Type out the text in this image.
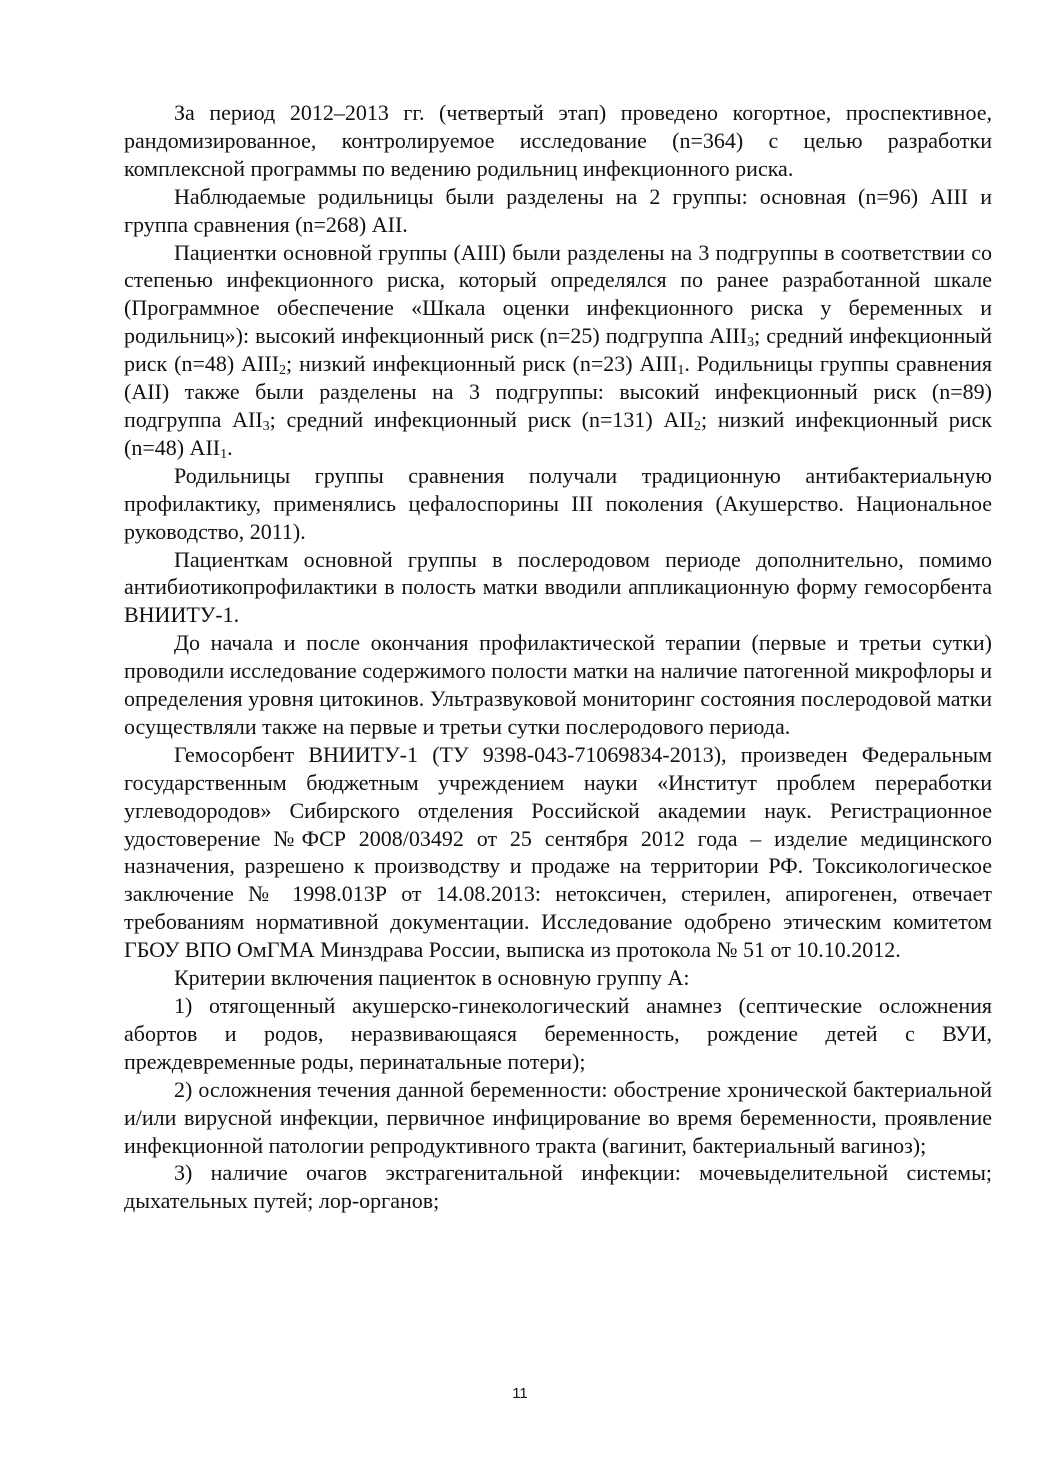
За период 2012–2013 гг. (четвертый этап) проведено когортное, проспективное, рандомизированное, контролируемое исследование (n=364) с целью разработки комплексной программы по ведению родильниц инфекционного риска.

Наблюдаемые родильницы были разделены на 2 группы: основная (n=96) АIII и группа сравнения (n=268) АII.

Пациентки основной группы (АIII) были разделены на 3 подгруппы в соответствии со степенью инфекционного риска, который определялся по ранее разработанной шкале (Программное обеспечение «Шкала оценки инфекционного риска у беременных и родильниц»): высокий инфекционный риск (n=25) подгруппа $АIII_3$; средний инфекционный риск (n=48) $АIII_2$; низкий инфекционный риск (n=23) $АIII_1$. Родильницы группы сравнения (АII) также были разделены на 3 подгруппы: высокий инфекционный риск (n=89) подгруппа $АII_3$; средний инфекционный риск (n=131) $АII_2$; низкий инфекционный риск (n=48) $АII_1$.

Родильницы группы сравнения получали традиционную антибактериальную профилактику, применялись цефалоспорины III поколения (Акушерство. Национальное руководство, 2011).

Пациенткам основной группы в послеродовом периоде дополнительно, помимо антибиотикопрофилактики в полость матки вводили аппликационную форму гемосорбента ВНИИТУ-1.

До начала и после окончания профилактической терапии (первые и третьи сутки) проводили исследование содержимого полости матки на наличие патогенной микрофлоры и определения уровня цитокинов. Ультразвуковой мониторинг состояния послеродовой матки осуществляли также на первые и третьи сутки послеродового периода.

Гемосорбент ВНИИТУ-1 (ТУ 9398-043-71069834-2013), произведен Федеральным государственным бюджетным учреждением науки «Институт проблем переработки углеводородов» Сибирского отделения Российской академии наук. Регистрационное удостоверение №ФСР 2008/03492 от 25 сентября 2012 года – изделие медицинского назначения, разрешено к производству и продаже на территории РФ. Токсикологическое заключение № 1998.013Р от 14.08.2013: нетоксичен, стерилен, апирогенен, отвечает требованиям нормативной документации. Исследование одобрено этическим комитетом ГБОУ ВПО ОмГМА Минздрава России, выписка из протокола № 51 от 10.10.2012.

Критерии включения пациенток в основную группу А:

1) отягощенный акушерско-гинекологический анамнез (септические осложнения абортов и родов, неразвивающаяся беременность, рождение детей с ВУИ, преждевременные роды, перинатальные потери);

2) осложнения течения данной беременности: обострение хронической бактериальной и/или вирусной инфекции, первичное инфицирование во время беременности, проявление инфекционной патологии репродуктивного тракта (вагинит, бактериальный вагиноз);

3) наличие очагов экстрагенитальной инфекции: мочевыделительной системы; дыхательных путей; лор-органов;

11
